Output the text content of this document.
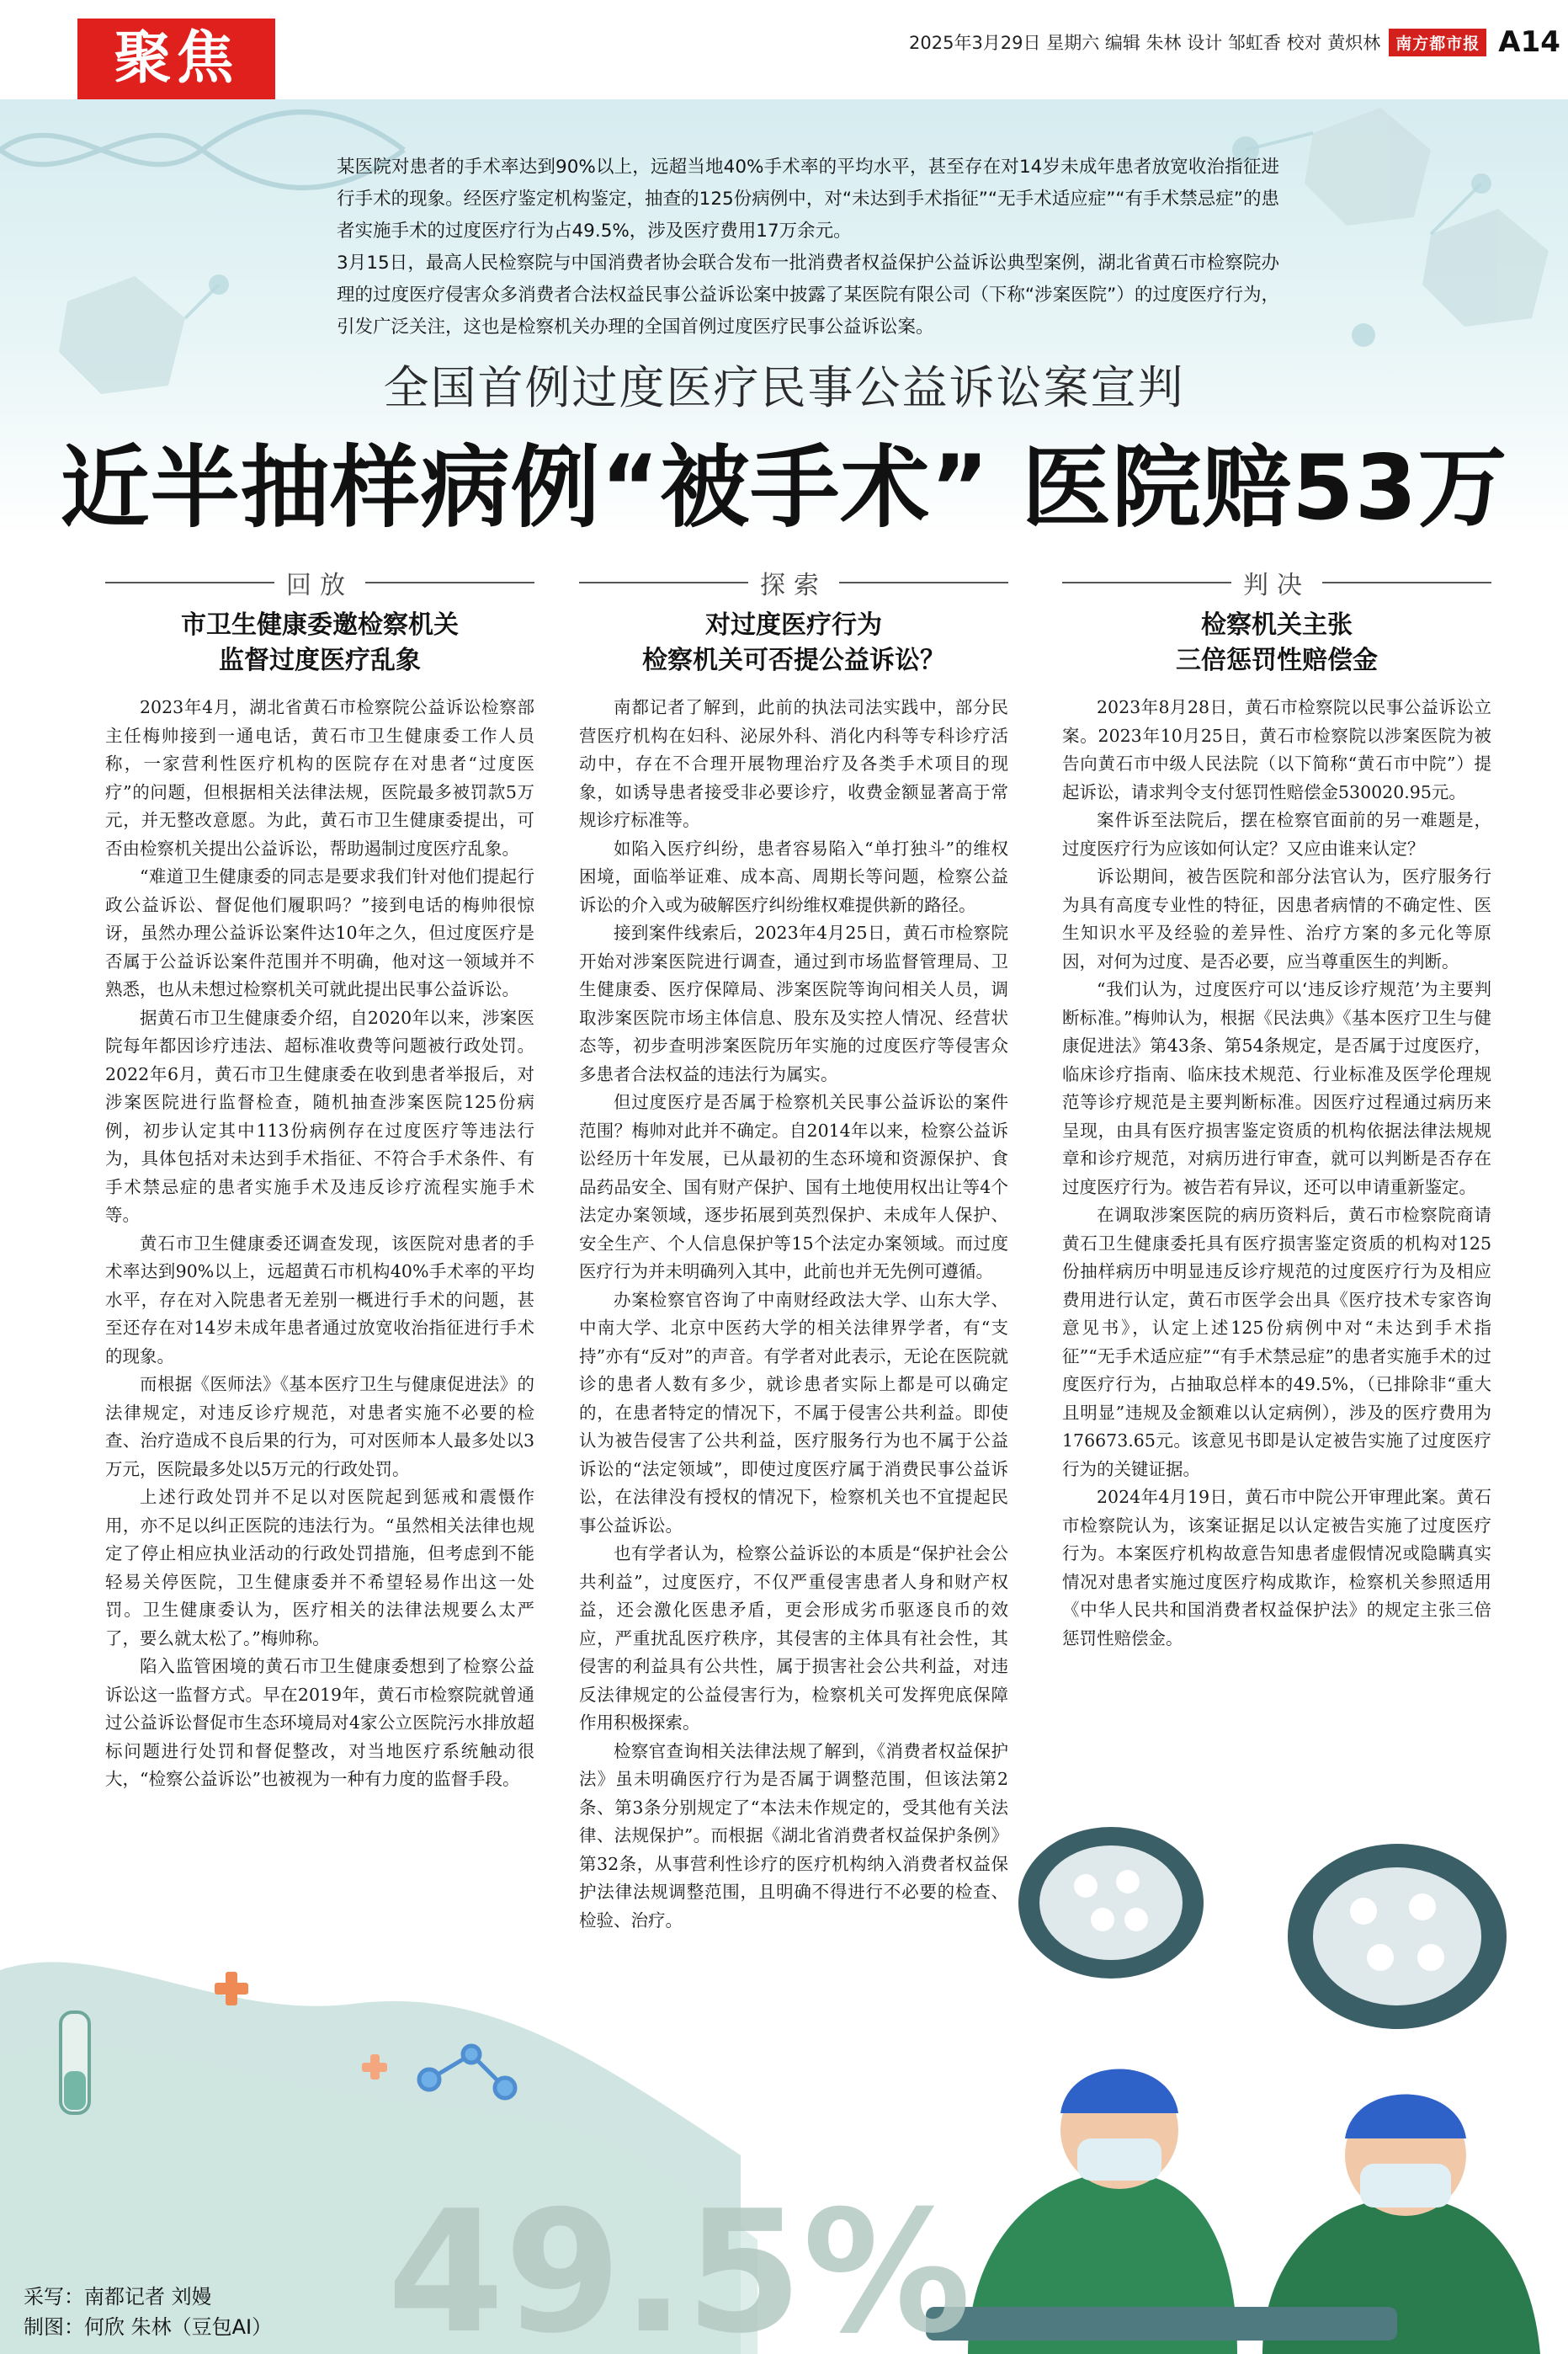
聚焦	2025年3月29日 星期六 编辑 朱林 设计 邹虹香 校对 黄炽林 南方都市报 A14

某医院对患者的手术率达到90%以上，远超当地40%手术率的平均水平，甚至存在对14岁未成年患者放宽收治指征进行手术的现象。经医疗鉴定机构鉴定，抽查的125份病例中，对“未达到手术指征”“无手术适应症”“有手术禁忌症”的患者实施手术的过度医疗行为占49.5%，涉及医疗费用17万余元。

3月15日，最高人民检察院与中国消费者协会联合发布一批消费者权益保护公益诉讼典型案例，湖北省黄石市检察院办理的过度医疗侵害众多消费者合法权益民事公益诉讼案中披露了某医院有限公司（下称“涉案医院”）的过度医疗行为，引发广泛关注，这也是检察机关办理的全国首例过度医疗民事公益诉讼案。

全国首例过度医疗民事公益诉讼案宣判
近半抽样病例“被手术” 医院赔53万
回放
市卫生健康委邀检察机关
监督过度医疗乱象

2023年4月，湖北省黄石市检察院公益诉讼检察部主任梅帅接到一通电话，黄石市卫生健康委工作人员称，一家营利性医疗机构的医院存在对患者“过度医疗”的问题，但根据相关法律法规，医院最多被罚款5万元，并无整改意愿。为此，黄石市卫生健康委提出，可否由检察机关提出公益诉讼，帮助遏制过度医疗乱象。

“难道卫生健康委的同志是要求我们针对他们提起行政公益诉讼、督促他们履职吗？”接到电话的梅帅很惊讶，虽然办理公益诉讼案件达10年之久，但过度医疗是否属于公益诉讼案件范围并不明确，他对这一领域并不熟悉，也从未想过检察机关可就此提出民事公益诉讼。

据黄石市卫生健康委介绍，自2020年以来，涉案医院每年都因诊疗违法、超标准收费等问题被行政处罚。2022年6月，黄石市卫生健康委在收到患者举报后，对涉案医院进行监督检查，随机抽查涉案医院125份病例，初步认定其中113份病例存在过度医疗等违法行为，具体包括对未达到手术指征、不符合手术条件、有手术禁忌症的患者实施手术及违反诊疗流程实施手术等。

黄石市卫生健康委还调查发现，该医院对患者的手术率达到90%以上，远超黄石市机构40%手术率的平均水平，存在对入院患者无差别一概进行手术的问题，甚至还存在对14岁未成年患者通过放宽收治指征进行手术的现象。

而根据《医师法》《基本医疗卫生与健康促进法》的法律规定，对违反诊疗规范，对患者实施不必要的检查、治疗造成不良后果的行为，可对医师本人最多处以3万元，医院最多处以5万元的行政处罚。

上述行政处罚并不足以对医院起到惩戒和震慑作用，亦不足以纠正医院的违法行为。“虽然相关法律也规定了停止相应执业活动的行政处罚措施，但考虑到不能轻易关停医院，卫生健康委并不希望轻易作出这一处罚。卫生健康委认为，医疗相关的法律法规要么太严了，要么就太松了。”梅帅称。

陷入监管困境的黄石市卫生健康委想到了检察公益诉讼这一监督方式。早在2019年，黄石市检察院就曾通过公益诉讼督促市生态环境局对4家公立医院污水排放超标问题进行处罚和督促整改，对当地医疗系统触动很大，“检察公益诉讼”也被视为一种有力度的监督手段。

探索
对过度医疗行为
检察机关可否提公益诉讼？

南都记者了解到，此前的执法司法实践中，部分民营医疗机构在妇科、泌尿外科、消化内科等专科诊疗活动中，存在不合理开展物理治疗及各类手术项目的现象，如诱导患者接受非必要诊疗，收费金额显著高于常规诊疗标准等。

如陷入医疗纠纷，患者容易陷入“单打独斗”的维权困境，面临举证难、成本高、周期长等问题，检察公益诉讼的介入或为破解医疗纠纷维权难提供新的路径。

接到案件线索后，2023年4月25日，黄石市检察院开始对涉案医院进行调查，通过到市场监督管理局、卫生健康委、医疗保障局、涉案医院等询问相关人员，调取涉案医院市场主体信息、股东及实控人情况、经营状态等，初步查明涉案医院历年实施的过度医疗等侵害众多患者合法权益的违法行为属实。

但过度医疗是否属于检察机关民事公益诉讼的案件范围？梅帅对此并不确定。自2014年以来，检察公益诉讼经历十年发展，已从最初的生态环境和资源保护、食品药品安全、国有财产保护、国有土地使用权出让等4个法定办案领域，逐步拓展到英烈保护、未成年人保护、安全生产、个人信息保护等15个法定办案领域。而过度医疗行为并未明确列入其中，此前也并无先例可遵循。

办案检察官咨询了中南财经政法大学、山东大学、中南大学、北京中医药大学的相关法律界学者，有“支持”亦有“反对”的声音。有学者对此表示，无论在医院就诊的患者人数有多少，就诊患者实际上都是可以确定的，在患者特定的情况下，不属于侵害公共利益。即使认为被告侵害了公共利益，医疗服务行为也不属于公益诉讼的“法定领域”，即使过度医疗属于消费民事公益诉讼，在法律没有授权的情况下，检察机关也不宜提起民事公益诉讼。

也有学者认为，检察公益诉讼的本质是“保护社会公共利益”，过度医疗，不仅严重侵害患者人身和财产权益，还会激化医患矛盾，更会形成劣币驱逐良币的效应，严重扰乱医疗秩序，其侵害的主体具有社会性，其侵害的利益具有公共性，属于损害社会公共利益，对违反法律规定的公益侵害行为，检察机关可发挥兜底保障作用积极探索。

检察官查询相关法律法规了解到，《消费者权益保护法》虽未明确医疗行为是否属于调整范围，但该法第2条、第3条分别规定了“本法未作规定的，受其他有关法律、法规保护”。而根据《湖北省消费者权益保护条例》第32条，从事营利性诊疗的医疗机构纳入消费者权益保护法律法规调整范围，且明确不得进行不必要的检查、检验、治疗。

判决
检察机关主张
三倍惩罚性赔偿金

2023年8月28日，黄石市检察院以民事公益诉讼立案。2023年10月25日，黄石市检察院以涉案医院为被告向黄石市中级人民法院（以下简称“黄石市中院”）提起诉讼，请求判令支付惩罚性赔偿金530020.95元。

案件诉至法院后，摆在检察官面前的另一难题是，过度医疗行为应该如何认定？又应由谁来认定？

诉讼期间，被告医院和部分法官认为，医疗服务行为具有高度专业性的特征，因患者病情的不确定性、医生知识水平及经验的差异性、治疗方案的多元化等原因，对何为过度、是否必要，应当尊重医生的判断。

“我们认为，过度医疗可以‘违反诊疗规范’为主要判断标准。”梅帅认为，根据《民法典》《基本医疗卫生与健康促进法》第43条、第54条规定，是否属于过度医疗，临床诊疗指南、临床技术规范、行业标准及医学伦理规范等诊疗规范是主要判断标准。因医疗过程通过病历来呈现，由具有医疗损害鉴定资质的机构依据法律法规规章和诊疗规范，对病历进行审查，就可以判断是否存在过度医疗行为。被告若有异议，还可以申请重新鉴定。

在调取涉案医院的病历资料后，黄石市检察院商请黄石卫生健康委托具有医疗损害鉴定资质的机构对125份抽样病历中明显违反诊疗规范的过度医疗行为及相应费用进行认定，黄石市医学会出具《医疗技术专家咨询意见书》，认定上述125份病例中对“未达到手术指征”“无手术适应症”“有手术禁忌症”的患者实施手术的过度医疗行为，占抽取总样本的49.5%，（已排除非“重大且明显”违规及金额难以认定病例），涉及的医疗费用为176673.65元。该意见书即是认定被告实施了过度医疗行为的关键证据。

2024年4月19日，黄石市中院公开审理此案。黄石市检察院认为，该案证据足以认定被告实施了过度医疗行为。本案医疗机构故意告知患者虚假情况或隐瞒真实情况对患者实施过度医疗构成欺诈，检察机关参照适用《中华人民共和国消费者权益保护法》的规定主张三倍惩罚性赔偿金。

49.5%
采写：南都记者 刘嫚
制图：何欣 朱林（豆包AI）
